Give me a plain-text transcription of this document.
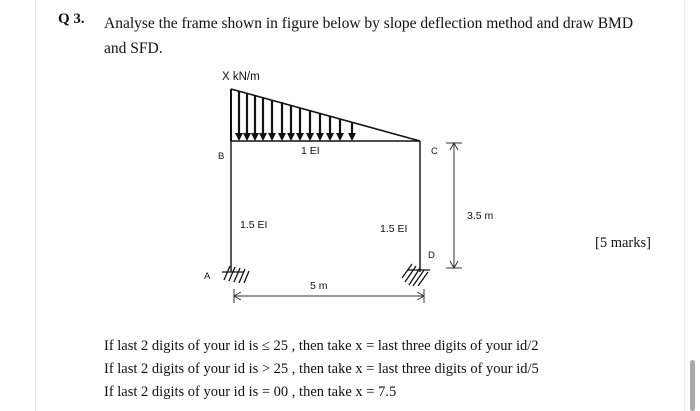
Q 3. Analyse the frame shown in figure below by slope deflection method and draw BMD
and SFD.
X kN/m
B	C
A
D
1 EI
1.5 EI	1.5 EI
3.5 m
5 m
[5 marks]
If last 2 digits of your id is ≤ 25 , then take x = last three digits of your id/2
If last 2 digits of your id is > 25 , then take x = last three digits of your id/5
If last 2 digits of your id is = 00 , then take x = 7.5
